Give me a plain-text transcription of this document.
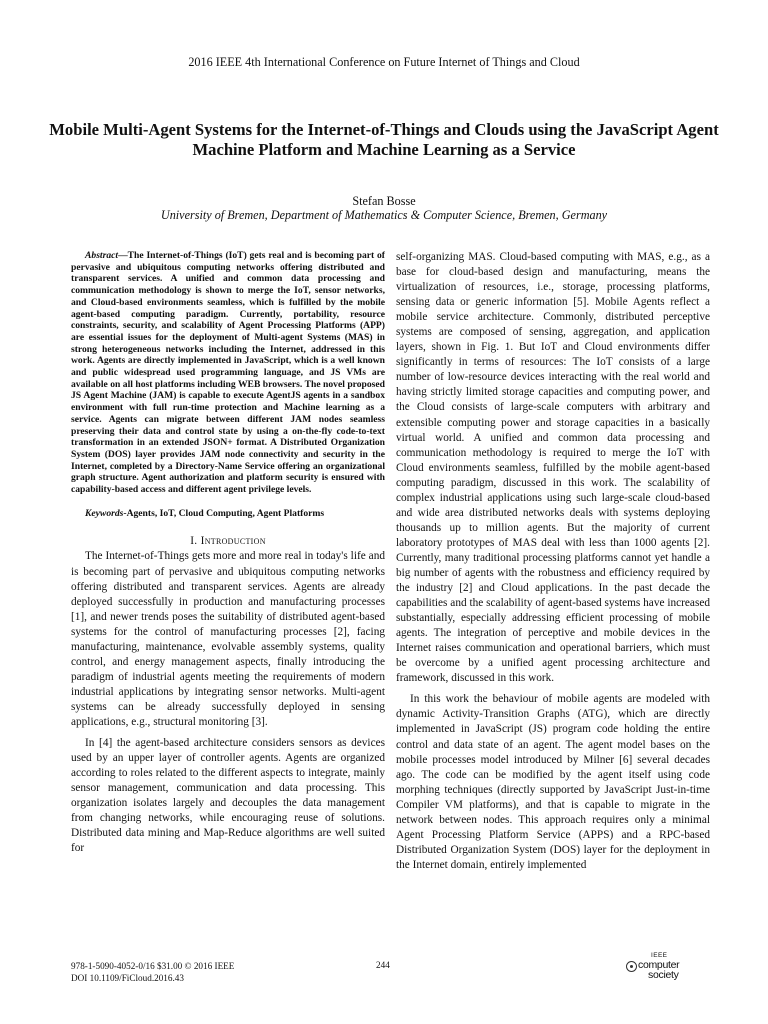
2016 IEEE 4th International Conference on Future Internet of Things and Cloud
Mobile Multi-Agent Systems for the Internet-of-Things and Clouds using the JavaScript Agent Machine Platform and Machine Learning as a Service
Stefan Bosse
University of Bremen, Department of Mathematics & Computer Science, Bremen, Germany

Abstract—The Internet-of-Things (IoT) gets real and is becoming part of pervasive and ubiquitous computing networks offering distributed and transparent services. A unified and common data processing and communication methodology is shown to merge the IoT, sensor networks, and Cloud-based environments seamless, which is fulfilled by the mobile agent-based computing paradigm. Currently, portability, resource constraints, security, and scalability of Agent Processing Platforms (APP) are essential issues for the deployment of Multi-agent Systems (MAS) in strong heterogeneous networks including the Internet, addressed in this work. Agents are directly implemented in JavaScript, which is a well known and public widespread used programming language, and JS VMs are available on all host platforms including WEB browsers. The novel proposed JS Agent Machine (JAM) is capable to execute AgentJS agents in a sandbox environment with full run-time protection and Machine learning as a service. Agents can migrate between different JAM nodes seamless preserving their data and control state by using a on-the-fly code-to-text transformation in an extended JSON+ format. A Distributed Organization System (DOS) layer provides JAM node connectivity and security in the Internet, completed by a Directory-Name Service offering an organizational graph structure. Agent authorization and platform security is ensured with capability-based access and different agent privilege levels.

Keywords-Agents, IoT, Cloud Computing, Agent Platforms

I. Introduction

The Internet-of-Things gets more and more real in today's life and is becoming part of pervasive and ubiquitous computing networks offering distributed and transparent services. Agents are already deployed successfully in production and manufacturing processes [1], and newer trends poses the suitability of distributed agent-based systems for the control of manufacturing processes [2], facing manufacturing, maintenance, evolvable assembly systems, quality control, and energy management aspects, finally introducing the paradigm of industrial agents meeting the requirements of modern industrial applications by integrating sensor networks. Multi-agent systems can be already successfully deployed in sensing applications, e.g., structural monitoring [3].

In [4] the agent-based architecture considers sensors as devices used by an upper layer of controller agents. Agents are organized according to roles related to the different aspects to integrate, mainly sensor management, communication and data processing. This organization isolates largely and decouples the data management from changing networks, while encouraging reuse of solutions. Distributed data mining and Map-Reduce algorithms are well suited for

self-organizing MAS. Cloud-based computing with MAS, e.g., as a base for cloud-based design and manufacturing, means the virtualization of resources, i.e., storage, processing platforms, sensing data or generic information [5]. Mobile Agents reflect a mobile service architecture. Commonly, distributed perceptive systems are composed of sensing, aggregation, and application layers, shown in Fig. 1. But IoT and Cloud environments differ significantly in terms of resources: The IoT consists of a large number of low-resource devices interacting with the real world and having strictly limited storage capacities and computing power, and the Cloud consists of large-scale computers with arbitrary and extensible computing power and storage capacities in a basically virtual world. A unified and common data processing and communication methodology is required to merge the IoT with Cloud environments seamless, fulfilled by the mobile agent-based computing paradigm, discussed in this work. The scalability of complex industrial applications using such large-scale cloud-based and wide area distributed networks deals with systems deploying thousands up to million agents. But the majority of current laboratory prototypes of MAS deal with less than 1000 agents [2]. Currently, many traditional processing platforms cannot yet handle a big number of agents with the robustness and efficiency required by the industry [2] and Cloud applications. In the past decade the capabilities and the scalability of agent-based systems have increased substantially, especially addressing efficient processing of mobile agents. The integration of perceptive and mobile devices in the Internet raises communication and operational barriers, which must be overcome by a unified agent processing architecture and framework, discussed in this work.

In this work the behaviour of mobile agents are modeled with dynamic Activity-Transition Graphs (ATG), which are directly implemented in JavaScript (JS) program code holding the entire control and data state of an agent. The agent model bases on the mobile processes model introduced by Milner [6] several decades ago. The code can be modified by the agent itself using code morphing techniques (directly supported by JavaScript Just-in-time Compiler VM platforms), and that is capable to migrate in the network between nodes. This approach requires only a minimal Agent Processing Platform Service (APPS) and a RPC-based Distributed Organization System (DOS) layer for the deployment in the Internet domain, entirely implemented

978-1-5090-4052-0/16 $31.00 © 2016 IEEE
DOI 10.1109/FiCloud.2016.43
244
IEEE
computer
society
